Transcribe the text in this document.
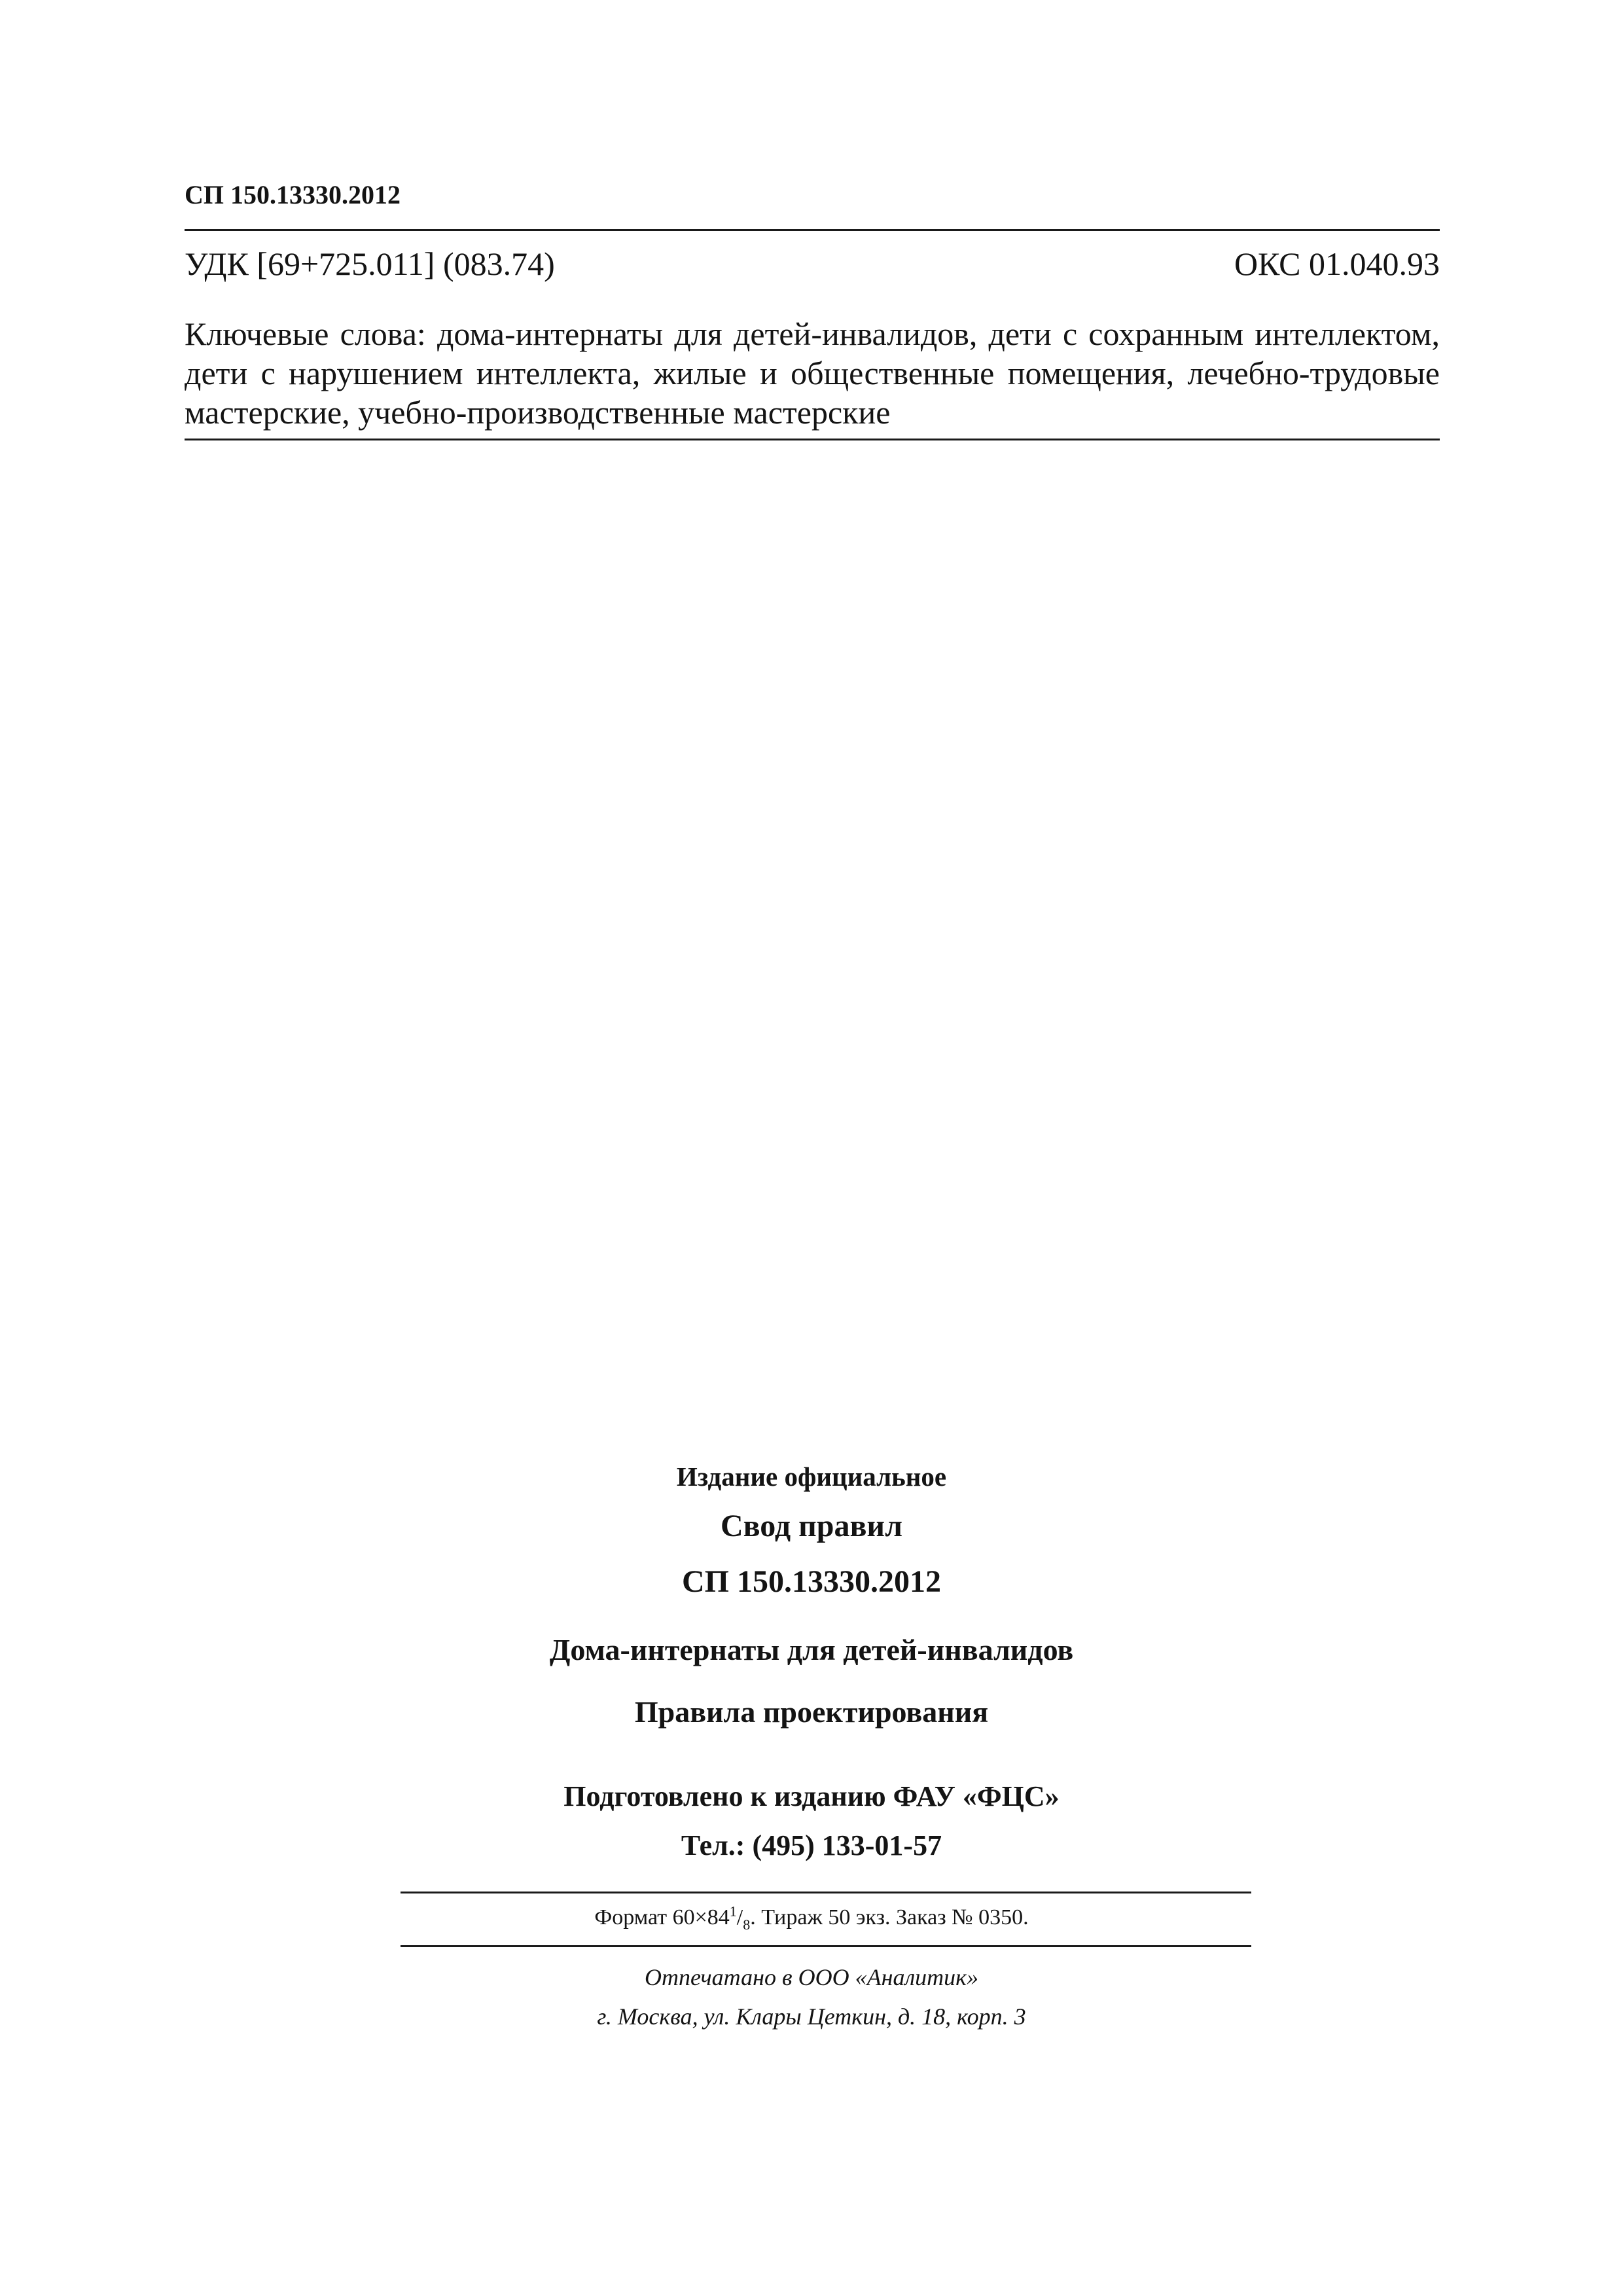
СП 150.13330.2012
УДК [69+725.011] (083.74)	ОКС 01.040.93
Ключевые слова: дома-интернаты для детей-инвалидов, дети с сохранным интеллектом, дети с нарушением интеллекта, жилые и общественные помещения, лечебно-трудовые мастерские, учебно-производственные мастерские
Издание официальное
Свод правил
СП 150.13330.2012
Дома-интернаты для детей-инвалидов
Правила проектирования
Подготовлено к изданию ФАУ «ФЦС»
Тел.: (495) 133-01-57
Формат $60\times 84^1/_8$. Тираж 50 экз. Заказ № 0350.
Отпечатано в ООО «Аналитик»
г. Москва, ул. Клары Цеткин, д. 18, корп. 3
